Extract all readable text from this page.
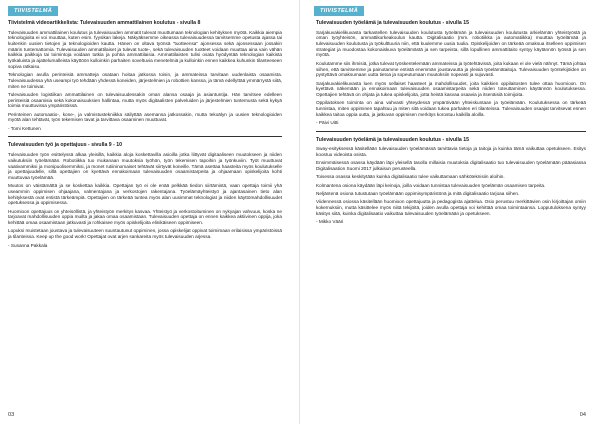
TIIVISTELMÄ
Tiivistelmä videoartikkelista: Tulevaisuuden ammattilainen koulutus - sivulla 8

Tulevaisuuden ammattilainen koulutus ja tulevaisuuden ammatit tulevat muuttumaan teknologian kehityksen myötä. Kaikkia aiempia teknologioita ei voi muuttaa, kuten esim. fyysikan lakeja. Näkyäksemme oikeassa tulevaisuudessa tarvitsemme opetusta ajassa tai kuitenkin uusien tietojen ja teknologioiden kautta. Hänen on oltava työnsä "tuotteensa" ajonsessa sekä ajonsessaan jossakin määrin tuntemattomia. Tulevaisuuden ammattilaiset ja tulevat tuote-, sekä tulevaisuuden tuotteet voidaan muuttaa aina vain vähän kaikkia paikkoja tai toimintoja voidaan tutkia ja pohtia ammattilaisia. Ammattilaisten tulisi osata hyödyntää teknologian kaikista työkaluista ja ajattelumalleista käyttöön kulloinkin parhaiten soveltuvia menetelmiä ja kulloinkin ennen kaikkea kuhunkin tilanteeseen sopiva ratkaisu.

Teknologian avulla perinteisiä ammatteja osataan hoitaa jatkossa toisin, ja ammateissa tarvitaan uudenlaista osaamista. Tulevaisuudessa yhä useampi työ tehdään yhdessä koneiden, järjestelmien ja robottien kanssa, ja tämä edellyttää ymmärrystä siitä, miten ne toimivat.

Tulevaisuuden logistiikan ammattilainen on tulevaisuudessakin oman alansa osaaja ja asiantuntija. Hän tarvitsee edelleen perinteisiä osaamisia sekä kokonaisuuksien hallintaa, mutta myös digitaalisten palveluiden ja järjestelmien tuntemusta sekä kykyä toimia muuttuvissa ympäristöissä.

Perinteinen automaatio-, kone-, ja valmistustekniikka säilyttää asemansa jatkossakin, mutta tekoälyn ja uusien teknologioiden myötä alan tehtävät, työn tekemisen tavat ja tarvittava osaaminen muuttuvat.

- Tomi Kettunen

Tulevaisuuden työ ja opettajuus - sivulla 9 - 10

Tulevaisuuden työn esittelyssä alkaa yleisillä, kaikkia aloja koskettavilla asioilla jotka liittyvät digitaaliseen muutokseen ja niiden vaikutuksiin työelämään. Robotiikka tuo mukanaan muutoksia työhön, työn tekemisen tapoihin ja työnkuviin. Työt muuttuvat vaativammiksi ja monipuolisemmiksi, ja monet rutiininomaiset tehtävät siirtyvät koneille. Tämä asettaa haasteita myös koulutukselle ja opettajuudelle, sillä opettajien on kyettävä ennakoimaan tulevaisuuden osaamistarpeita ja ohjaamaan opiskelijoita kohti muuttuvaa työelämää.

Muutos on väistämättä ja se koskettaa kaikkia. Opettajan työ ei ole enää pelkkää tiedon siirtämistä, vaan opettaja toimii yhä useammin oppimisen ohjaajana, valmentajana ja verkostojen rakentajana. Työelämäyhteistyö ja ajantasainen tieto alan kehityksestä ovat entistä tärkeämpiä. Opettajien on tärkeää tuntea myös alan uusimmat teknologiat ja niiden käyttömahdollisuudet opetuksessa ja oppimisessa.

Huomioon opettajuus on yhteisöllistä, ja yhteistyön merkitys kasvaa. Yhteistyö ja verkostoituminen on nykyajan vahvuus, koska ne tarjoavat mahdollisuuden oppia muilta ja jakaa omaa osaamistaan. Tulevaisuuden opettaja on ennen kaikkea aktiivinen oppija, joka kehittää omaa osaamistaan jatkuvasti ja rohkaisee myös opiskelijoita elinikäiseen oppimiseen.

Lopuksi muistetaan joustava ja tulevaisuuteen suuntautunut oppiminen, jossa opiskelijat oppivat toimimaan erilaisissa ympäristöissä ja tilanteissa. Keep up the good work! Opettajat ovat arjen sankareita myös tulevaisuuden arjessa.

- Susanna Pakkala

03
TIIVISTELMÄ
Tulevaisuuden työelämä ja tulevaisuuden koulutus - sivulla 15

Sarjakuvakielikuvasta tarkastellen tulevaisuuden koulutusta työelämän ja tulevaisuuden koulutusta arkielämän yhteistyöstä ja oman työyhteisön, ammattikorkeakoulun kautta. Digitalisaatio (mm. robotiikka ja automatiikka) muuttaa työelämää ja tulevaisuuden koulutusta ja työkulttuuria niin, että kuulemme uusia tuulia. Opiskelijoiden on tärkeää omaksua itselleen oppimisen strategiat ja muodostaa kokonaiskuva työelämästä ja sen tarpeista, sillä lopullinen ammattitaito syntyy käytännön työssä ja sen myötä.

Koulutamme siis ihmisiä, jotka tulevat työskentelemään ammateissa ja työtehtävissä, joita kukaan ei ole vielä nähnyt. Tämä johtaa siihen, että tarvitsemme ja painotamme entistä enemmän joustavuutta ja yleisiä työelämätaitoja. Tulevaisuuden työntekijöiden on pystyttävä omaksumaan uutta tietoa ja sopeutumaan muutoksiin nopeasti ja sujuvasti.

Sarjakuvakielikuvasta luen myös sellaiset haasteet ja mahdollisuudet, joita kaikkien oppilaitosten tulee ottaa huomioon. On kyettävä näkemään ja ennakoimaan tulevaisuuden osaamistarpeita sekä niiden toteuttaminen käytännön koulutuksessa. Opettajien tehtävä on ohjata ja tukea opiskelijoita, jotta heistä kasvaa osaavia ja itsenäisiä toimijoita.

Oppilaitoksen toiminta on aina vahvasti yhteydessä ympäröivään yhteiskuntaan ja työelämään. Koulutuksessa on tärkeää tunnistaa, miten oppiminen tapahtuu ja miten sitä voidaan tukea parhaiten eri tilanteissa. Tulevaisuuden osaajat tarvitsevat ennen kaikkea taitoa oppia uutta, ja jatkuvan oppimisen merkitys korostuu kaikilla aloilla.

- Päivi Uitti

Tulevaisuuden työelämä ja tulevaisuuden koulutus - sivulla 15

Sway-esityksessä käsitellään tulevaisuuden työelämässä tarvittavia tietoja ja taitoja ja kuinka tämä vaikuttaa opetukseen. Esitys koostuu videoista osista.

Ensimmäisessä osassa käydään läpi yleisellä tasolla millaisia muutoksia digitalisaatio tuo tulevaisuuden työelämään pääasiassa Digitalisaation Suomi 2017 julkaisun perusteella.

Toisessa osassa keskitytään kuinka digitalisaatio tulee vaikuttamaan sähköteknisiin aloihin.

Kolmantena osiona käydään läpi keinoja, joilla voidaan tunnistaa tulevaisuuden työelämän osaamisen tarpeita.

Neljäntenä osiona tutustutaan työelämään oppimisympäristönä ja mitä digitalisaatio tarjoaa siihen.

Viidennessä osiossa käsitellään huomioon opettajuutta ja pedagogista ajattelua. Osio perustuu merkittävien osin kirjoittajan omiin kokemuksiin, mutta käsittelee myös niitä tekijöitä, joiden avulla opettaja voi kehittää omaa toimintaansa. Lopputuloksena syntyy käsitys siitä, kuinka digitalisaatio vaikuttaa tulevaisuuden työelämään ja opetukseen.

- Mikko Vääri

04
